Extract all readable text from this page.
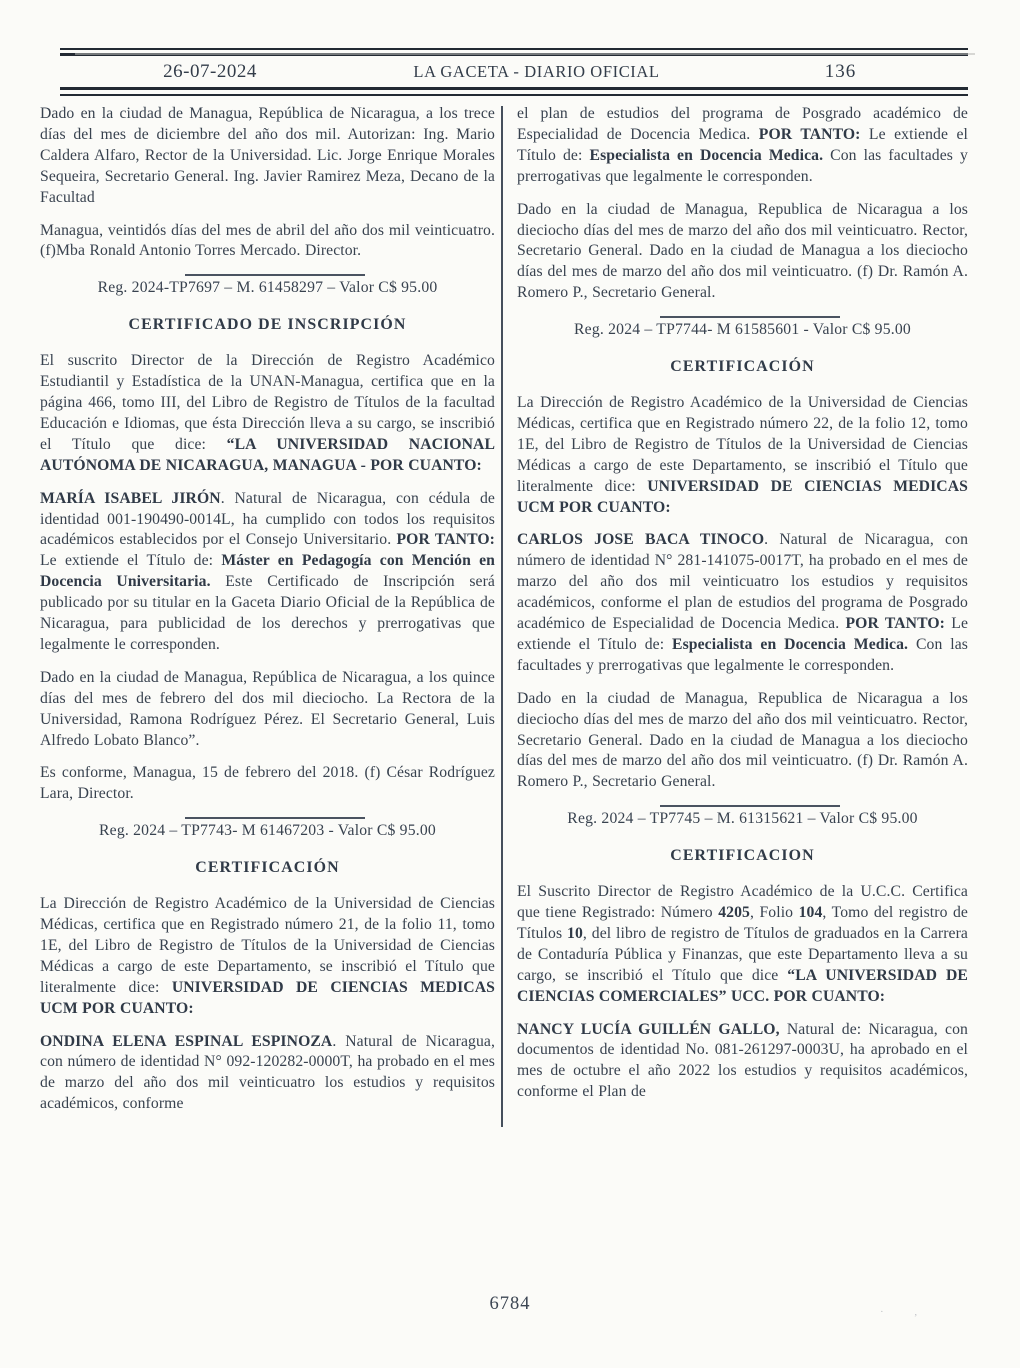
26-07-2024	LA GACETA - DIARIO OFICIAL	136

Dado en la ciudad de Managua, República de Nicaragua, a los trece días del mes de diciembre del año dos mil. Autorizan: Ing. Mario Caldera Alfaro, Rector de la Universidad. Lic. Jorge Enrique Morales Sequeira, Secretario General. Ing. Javier Ramirez Meza, Decano de la Facultad

Managua, veintidós días del mes de abril del año dos mil veinticuatro. (f)Mba Ronald Antonio Torres Mercado. Director.

Reg. 2024-TP7697 – M. 61458297 – Valor C$ 95.00
CERTIFICADO DE INSCRIPCIÓN

El suscrito Director de la Dirección de Registro Académico Estudiantil y Estadística de la UNAN-Managua, certifica que en la página 466, tomo III, del Libro de Registro de Títulos de la facultad Educación e Idiomas, que ésta Dirección lleva a su cargo, se inscribió el Título que dice: “LA UNIVERSIDAD NACIONAL AUTÓNOMA DE NICARAGUA, MANAGUA - POR CUANTO:

MARÍA ISABEL JIRÓN. Natural de Nicaragua, con cédula de identidad 001-190490-0014L, ha cumplido con todos los requisitos académicos establecidos por el Consejo Universitario. POR TANTO: Le extiende el Título de: Máster en Pedagogía con Mención en Docencia Universitaria. Este Certificado de Inscripción será publicado por su titular en la Gaceta Diario Oficial de la República de Nicaragua, para publicidad de los derechos y prerrogativas que legalmente le corresponden.

Dado en la ciudad de Managua, República de Nicaragua, a los quince días del mes de febrero del dos mil dieciocho. La Rectora de la Universidad, Ramona Rodríguez Pérez. El Secretario General, Luis Alfredo Lobato Blanco”.

Es conforme, Managua, 15 de febrero del 2018. (f) César Rodríguez Lara, Director.

Reg. 2024 – TP7743- M 61467203 - Valor C$ 95.00
CERTIFICACIÓN

La Dirección de Registro Académico de la Universidad de Ciencias Médicas, certifica que en Registrado número 21, de la folio 11, tomo 1E, del Libro de Registro de Títulos de la Universidad de Ciencias Médicas a cargo de este Departamento, se inscribió el Título que literalmente dice: UNIVERSIDAD DE CIENCIAS MEDICAS UCM POR CUANTO:

ONDINA ELENA ESPINAL ESPINOZA. Natural de Nicaragua, con número de identidad N° 092-120282-0000T, ha probado en el mes de marzo del año dos mil veinticuatro los estudios y requisitos académicos, conforme

el plan de estudios del programa de Posgrado académico de Especialidad de Docencia Medica. POR TANTO: Le extiende el Título de: Especialista en Docencia Medica. Con las facultades y prerrogativas que legalmente le corresponden.

Dado en la ciudad de Managua, Republica de Nicaragua a los dieciocho días del mes de marzo del año dos mil veinticuatro. Rector, Secretario General. Dado en la ciudad de Managua a los dieciocho días del mes de marzo del año dos mil veinticuatro. (f) Dr. Ramón A. Romero P., Secretario General.

Reg. 2024 – TP7744- M 61585601 - Valor C$ 95.00
CERTIFICACIÓN

La Dirección de Registro Académico de la Universidad de Ciencias Médicas, certifica que en Registrado número 22, de la folio 12, tomo 1E, del Libro de Registro de Títulos de la Universidad de Ciencias Médicas a cargo de este Departamento, se inscribió el Título que literalmente dice: UNIVERSIDAD DE CIENCIAS MEDICAS UCM POR CUANTO:

CARLOS JOSE BACA TINOCO. Natural de Nicaragua, con número de identidad N° 281-141075-0017T, ha probado en el mes de marzo del año dos mil veinticuatro los estudios y requisitos académicos, conforme el plan de estudios del programa de Posgrado académico de Especialidad de Docencia Medica. POR TANTO: Le extiende el Título de: Especialista en Docencia Medica. Con las facultades y prerrogativas que legalmente le corresponden.

Dado en la ciudad de Managua, Republica de Nicaragua a los dieciocho días del mes de marzo del año dos mil veinticuatro. Rector, Secretario General. Dado en la ciudad de Managua a los dieciocho días del mes de marzo del año dos mil veinticuatro. (f) Dr. Ramón A. Romero P., Secretario General.

Reg. 2024 – TP7745 – M. 61315621 – Valor C$ 95.00
CERTIFICACION

El Suscrito Director de Registro Académico de la U.C.C. Certifica que tiene Registrado: Número 4205, Folio 104, Tomo del registro de Títulos 10, del libro de registro de Títulos de graduados en la Carrera de Contaduría Pública y Finanzas, que este Departamento lleva a su cargo, se inscribió el Título que dice “LA UNIVERSIDAD DE CIENCIAS COMERCIALES” UCC. POR CUANTO:

NANCY LUCÍA GUILLÉN GALLO, Natural de: Nicaragua, con documentos de identidad No. 081-261297-0003U, ha aprobado en el mes de octubre el año 2022 los estudios y requisitos académicos, conforme el Plan de

6784	· ,
